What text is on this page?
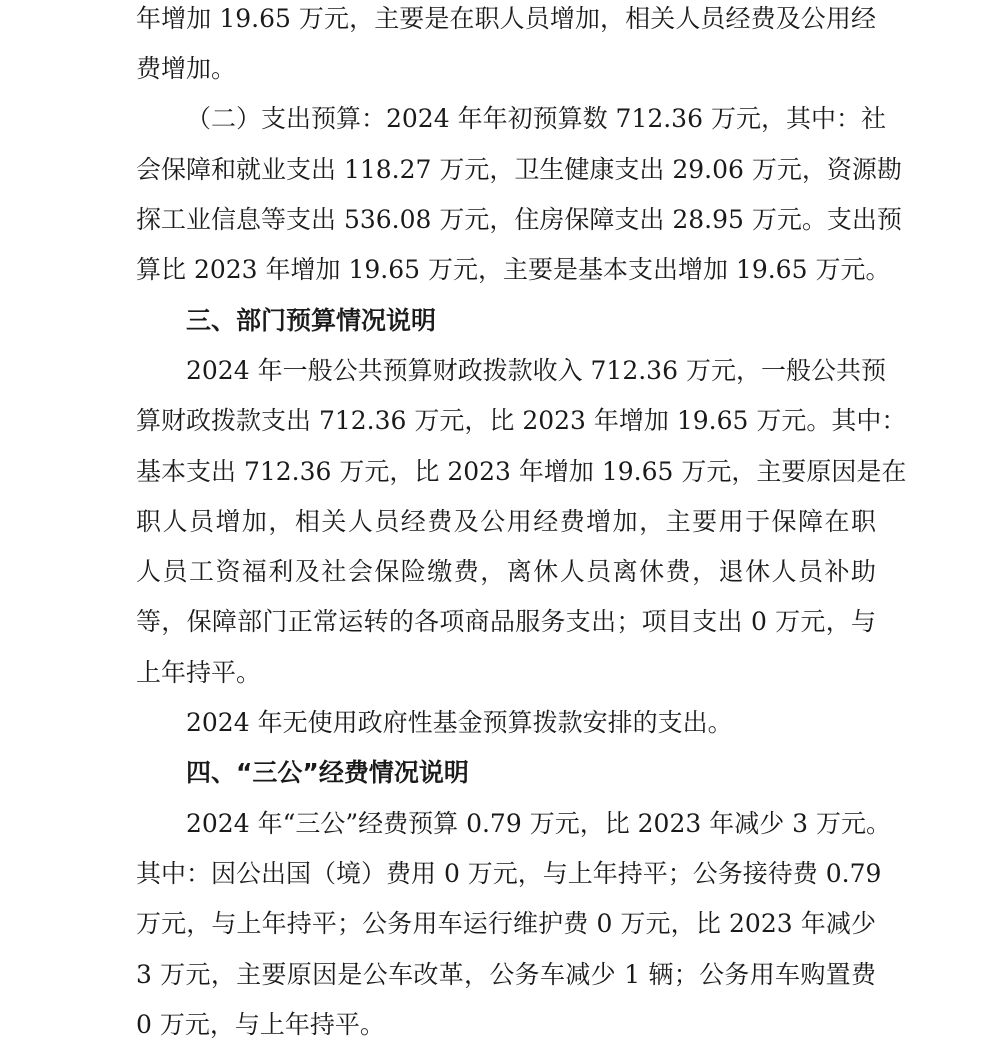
年增加 19.65 万元，主要是在职人员增加，相关人员经费及公用经
费增加。
（二）支出预算：2024 年年初预算数 712.36 万元，其中：社
会保障和就业支出 118.27 万元，卫生健康支出 29.06 万元，资源勘
探工业信息等支出 536.08 万元，住房保障支出 28.95 万元。支出预
算比 2023 年增加 19.65 万元，主要是基本支出增加 19.65 万元。
三、部门预算情况说明
2024 年一般公共预算财政拨款收入 712.36 万元，一般公共预
算财政拨款支出 712.36 万元，比 2023 年增加 19.65 万元。其中：
基本支出 712.36 万元，比 2023 年增加 19.65 万元，主要原因是在
职人员增加，相关人员经费及公用经费增加，主要用于保障在职
人员工资福利及社会保险缴费，离休人员离休费，退休人员补助
等，保障部门正常运转的各项商品服务支出；项目支出 0 万元，与
上年持平。
2024 年无使用政府性基金预算拨款安排的支出。
四、“三公”经费情况说明
2024 年“三公”经费预算 0.79 万元，比 2023 年减少 3 万元。
其中：因公出国（境）费用 0 万元，与上年持平；公务接待费 0.79
万元，与上年持平；公务用车运行维护费 0 万元，比 2023 年减少
3 万元，主要原因是公车改革，公务车减少 1 辆；公务用车购置费
0 万元，与上年持平。
